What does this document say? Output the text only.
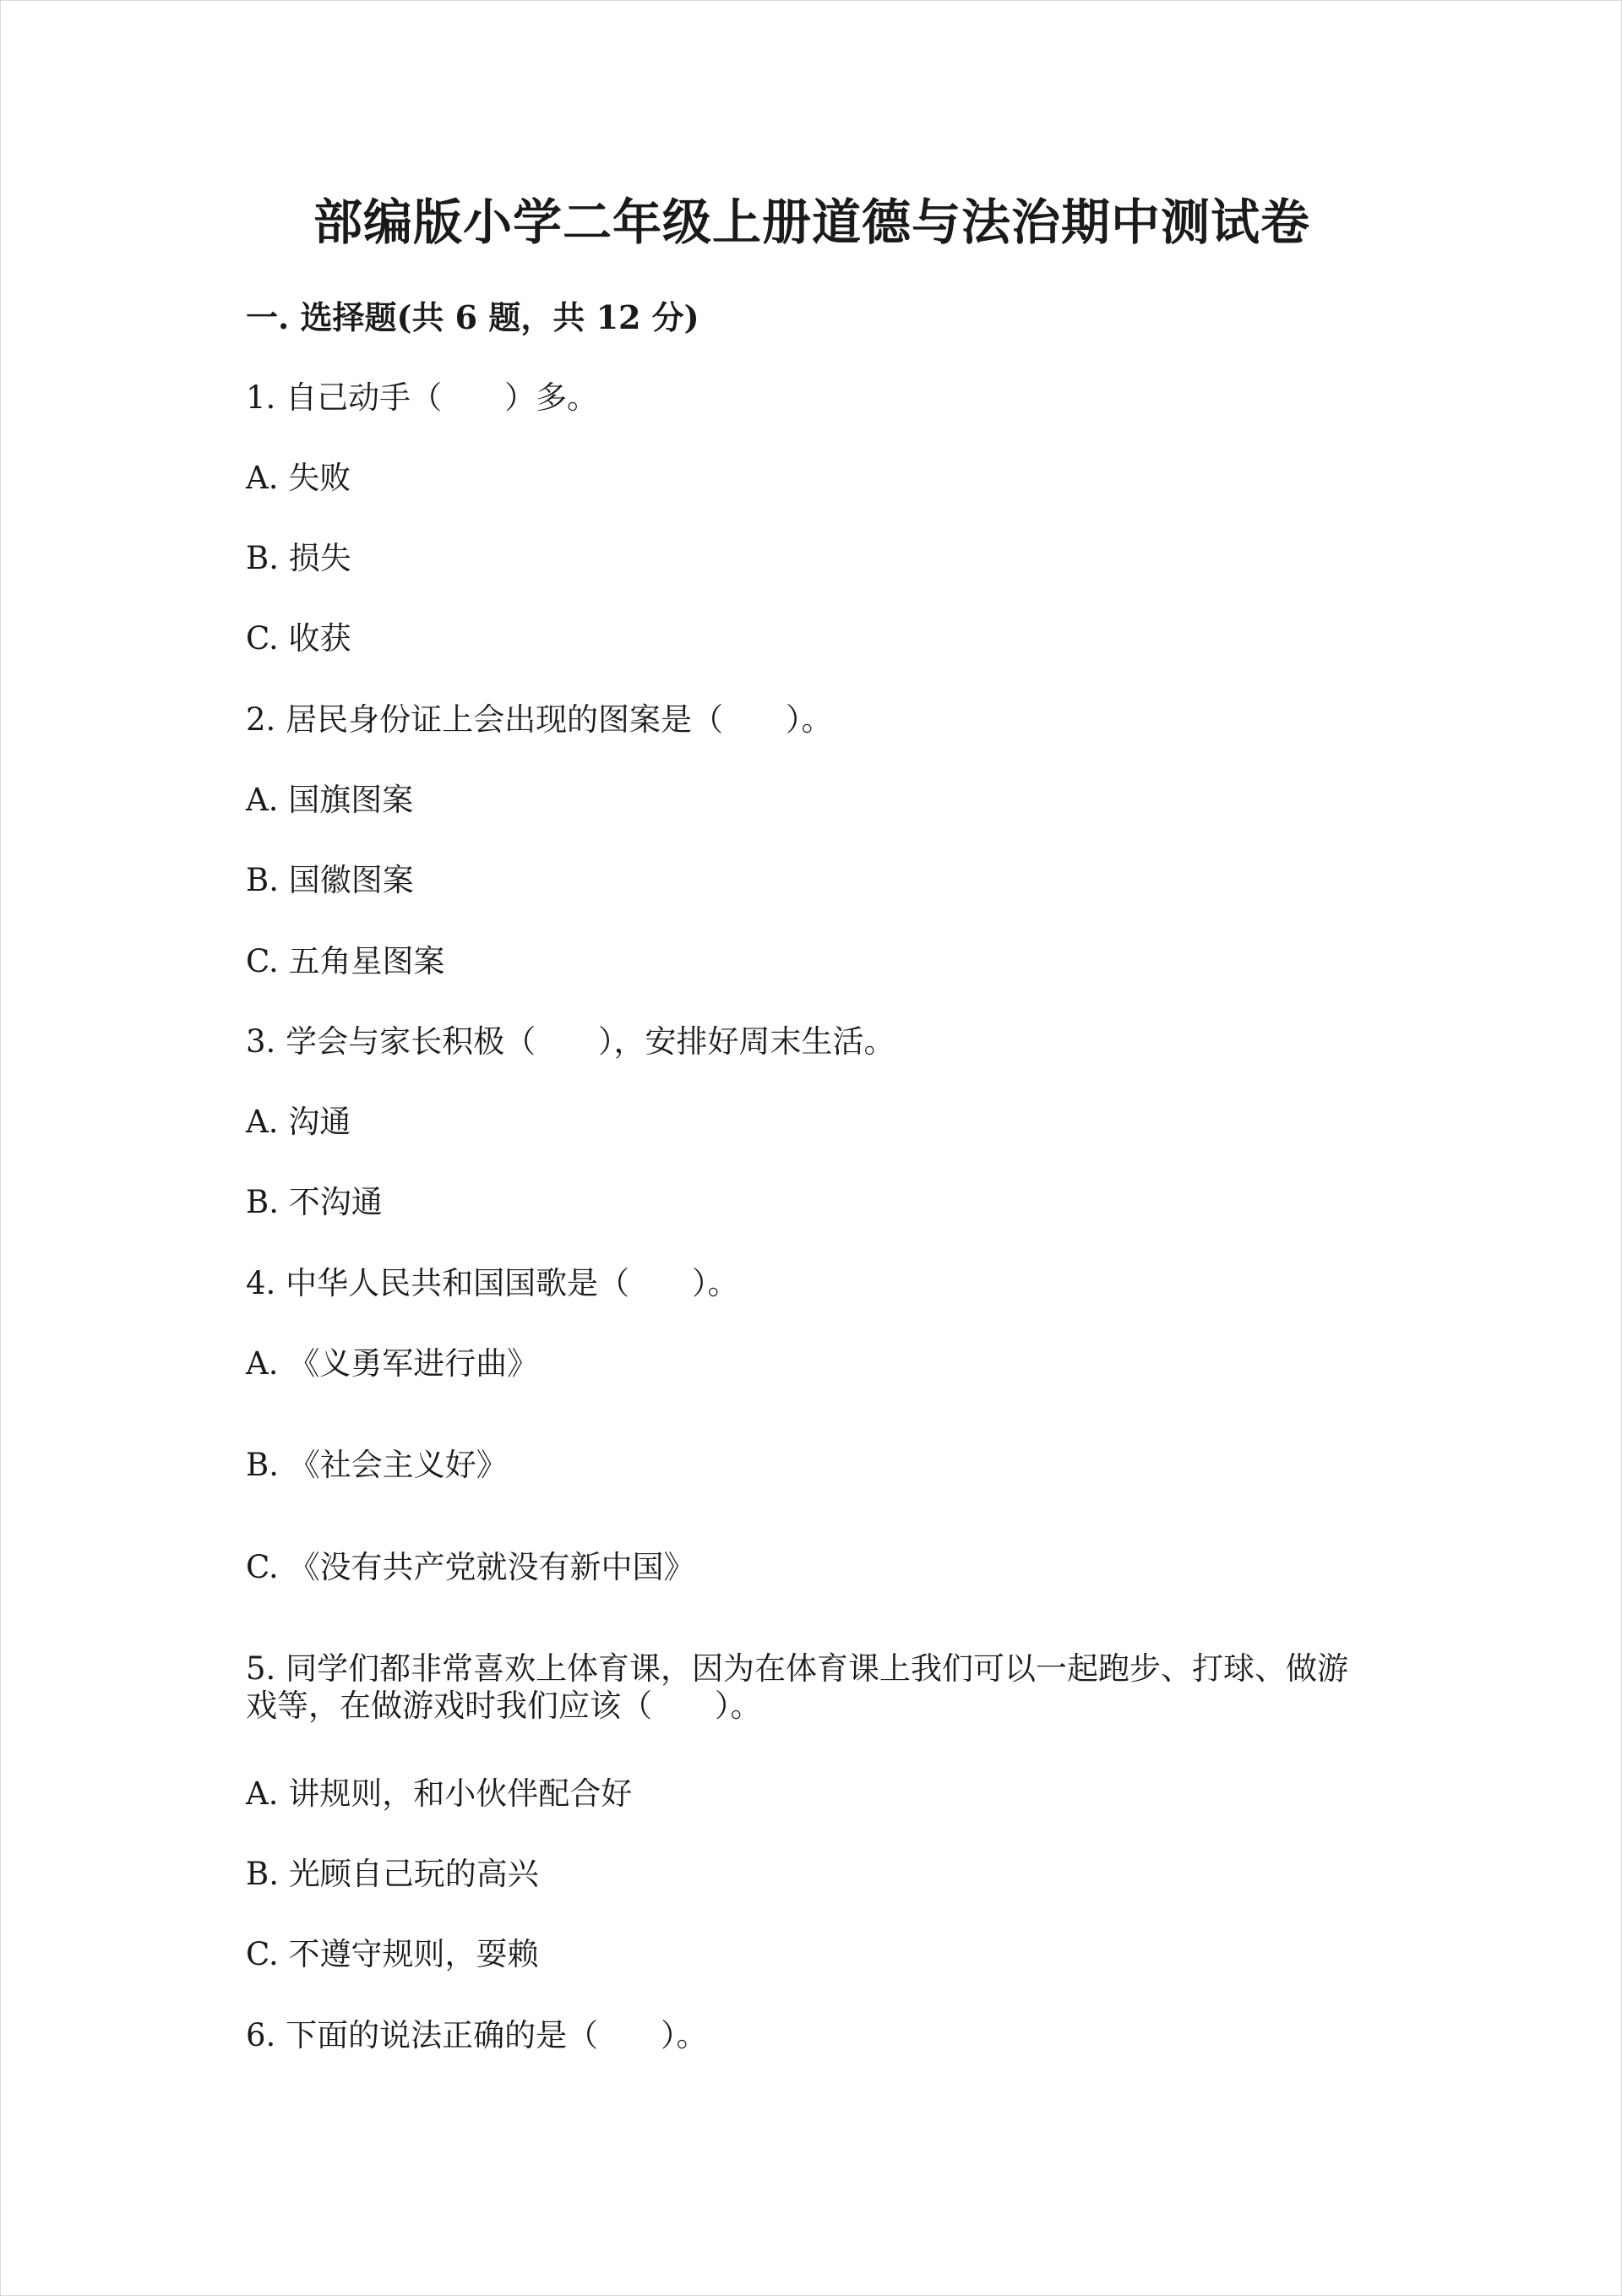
部编版小学二年级上册道德与法治期中测试卷
一. 选择题(共 6 题，共 12 分)
1. 自己动手（　　）多。
A. 失败
B. 损失
C. 收获
2. 居民身份证上会出现的图案是（　　）。
A. 国旗图案
B. 国徽图案
C. 五角星图案
3. 学会与家长积极（　　），安排好周末生活。
A. 沟通
B. 不沟通
4. 中华人民共和国国歌是（　　）。
A. 《义勇军进行曲》
B. 《社会主义好》
C. 《没有共产党就没有新中国》
5. 同学们都非常喜欢上体育课，因为在体育课上我们可以一起跑步、打球、做游戏等，在做游戏时我们应该（　　）。
A. 讲规则，和小伙伴配合好
B. 光顾自己玩的高兴
C. 不遵守规则，耍赖
6. 下面的说法正确的是（　　）。
